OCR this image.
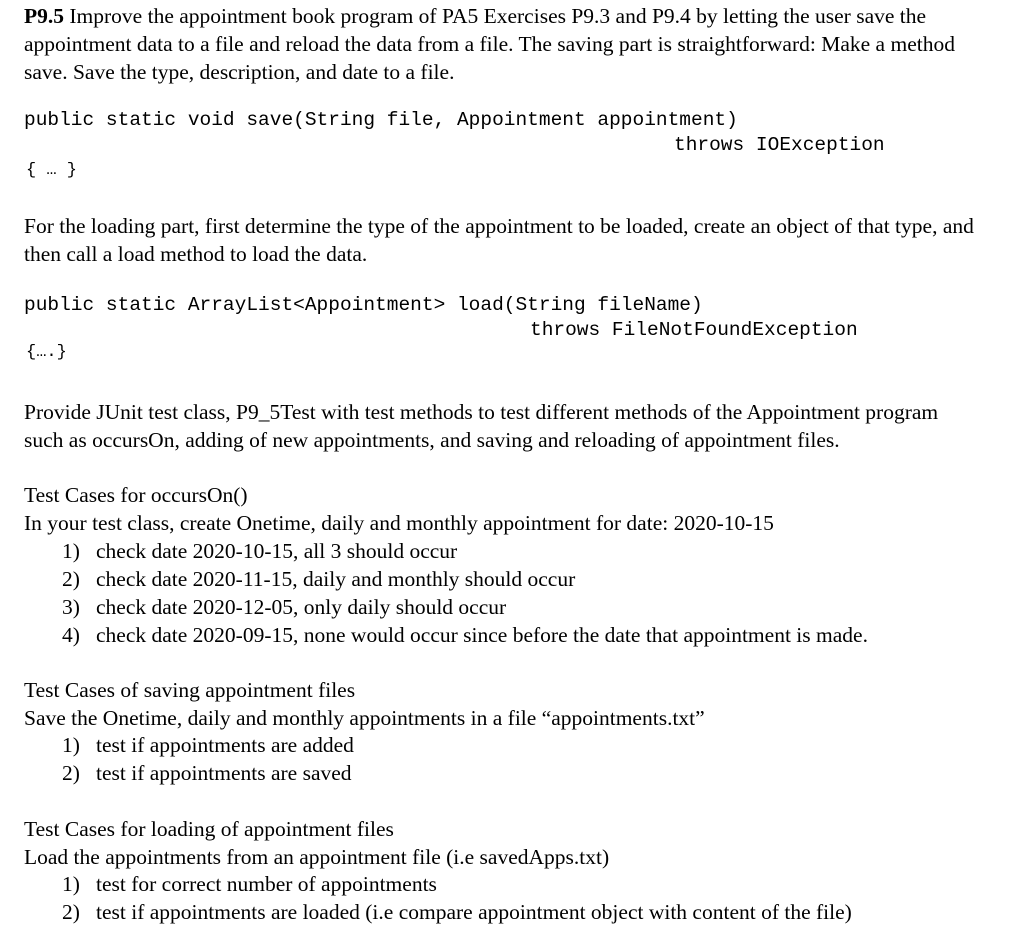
P9.5 Improve the appointment book program of PA5 Exercises P9.3 and P9.4 by letting the user save the appointment data to a file and reload the data from a file. The saving part is straightforward: Make a method save. Save the type, description, and date to a file.
public static void save(String file, Appointment appointment)
throws IOException
{ … }
For the loading part, first determine the type of the appointment to be loaded, create an object of that type, and then call a load method to load the data.
public static ArrayList<Appointment> load(String fileName)
throws FileNotFoundException
{….}
Provide JUnit test class, P9_5Test with test methods to test different methods of the Appointment program such as occursOn, adding of new appointments, and saving and reloading of appointment files.
Test Cases for occursOn()
In your test class, create Onetime, daily and monthly appointment for date: 2020-10-15
1) check date 2020-10-15, all 3 should occur
2) check date 2020-11-15, daily and monthly should occur
3) check date 2020-12-05, only daily should occur
4) check date 2020-09-15, none would occur since before the date that appointment is made.
Test Cases of saving appointment files
Save the Onetime, daily and monthly appointments in a file “appointments.txt”
1) test if appointments are added
2) test if appointments are saved
Test Cases for loading of appointment files
Load the appointments from an appointment file (i.e savedApps.txt)
1) test for correct number of appointments
2) test if appointments are loaded (i.e compare appointment object with content of the file)
